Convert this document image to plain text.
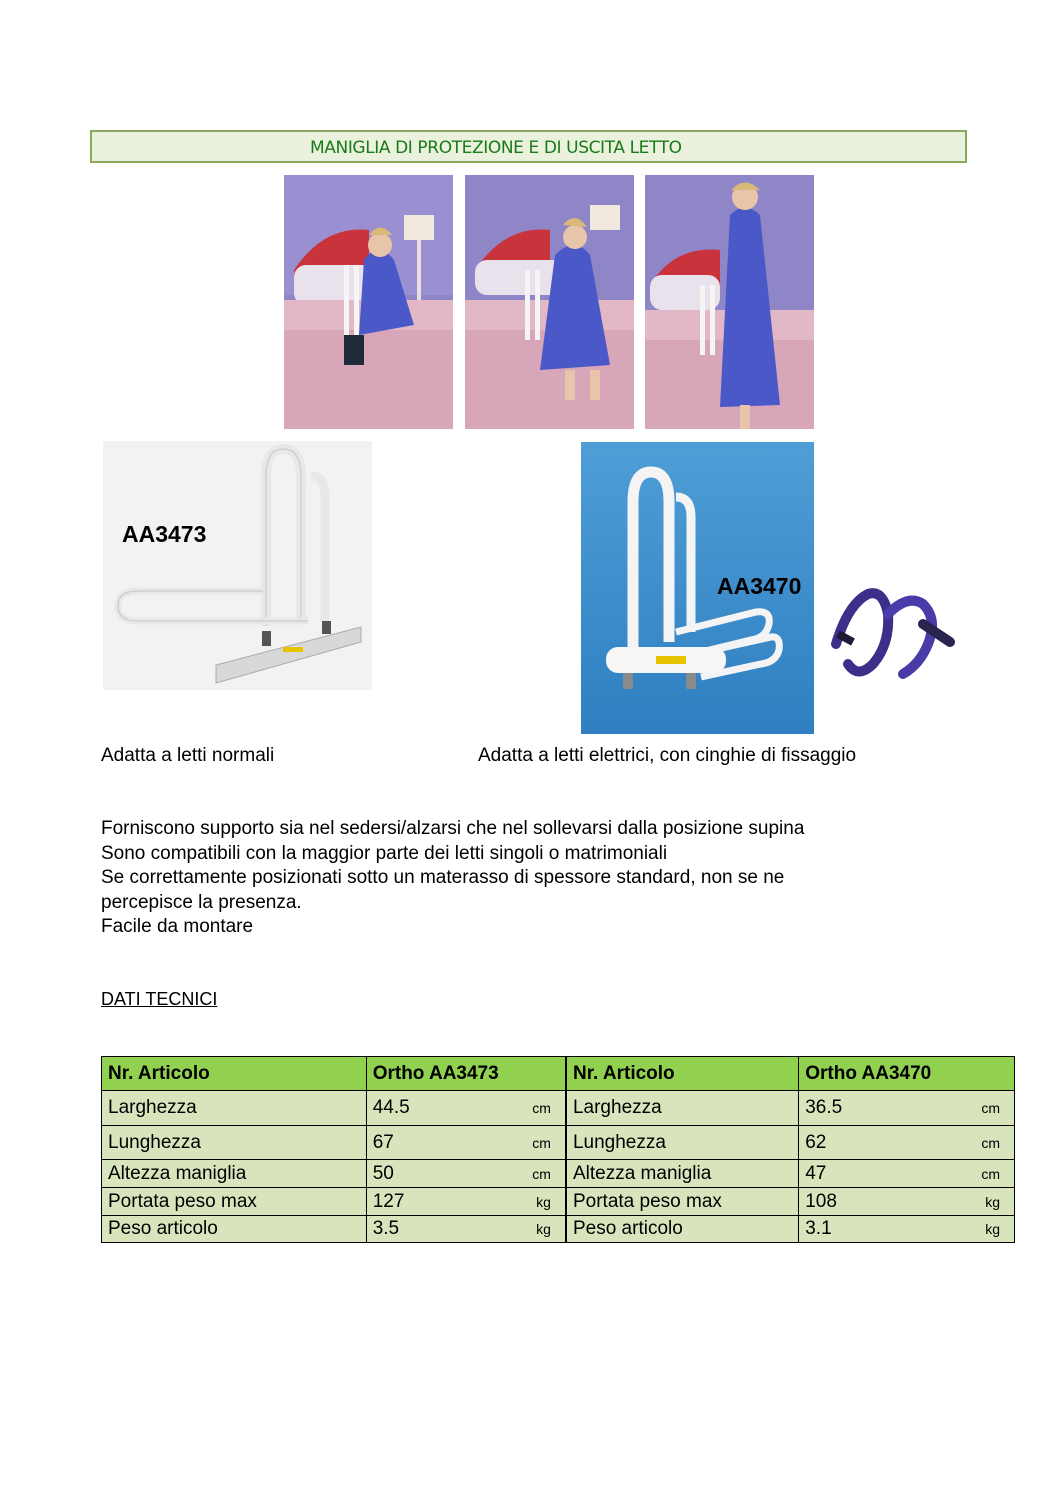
MANIGLIA DI PROTEZIONE E DI USCITA LETTO
AA3473
AA3470
Adatta a letti normali	Adatta a letti elettrici, con cinghie di fissaggio
Forniscono supporto sia nel sedersi/alzarsi che nel sollevarsi dalla posizione supina
Sono compatibili con la maggior parte dei letti singoli o matrimoniali
Se correttamente posizionati sotto un materasso di spessore standard, non se ne
percepisce la presenza.
Facile da montare
DATI TECNICI
Nr. Articolo	Ortho AA3473	Nr. Articolo	Ortho AA3470
Larghezza	44.5 cm	Larghezza	36.5 cm

Lunghezza	67 cm	Lunghezza	62 cm

Altezza maniglia	50 cm	Altezza maniglia	47 cm

Portata peso max	127 kg	Portata peso max	108 kg

Peso articolo	3.5 kg	Peso articolo	3.1 kg
